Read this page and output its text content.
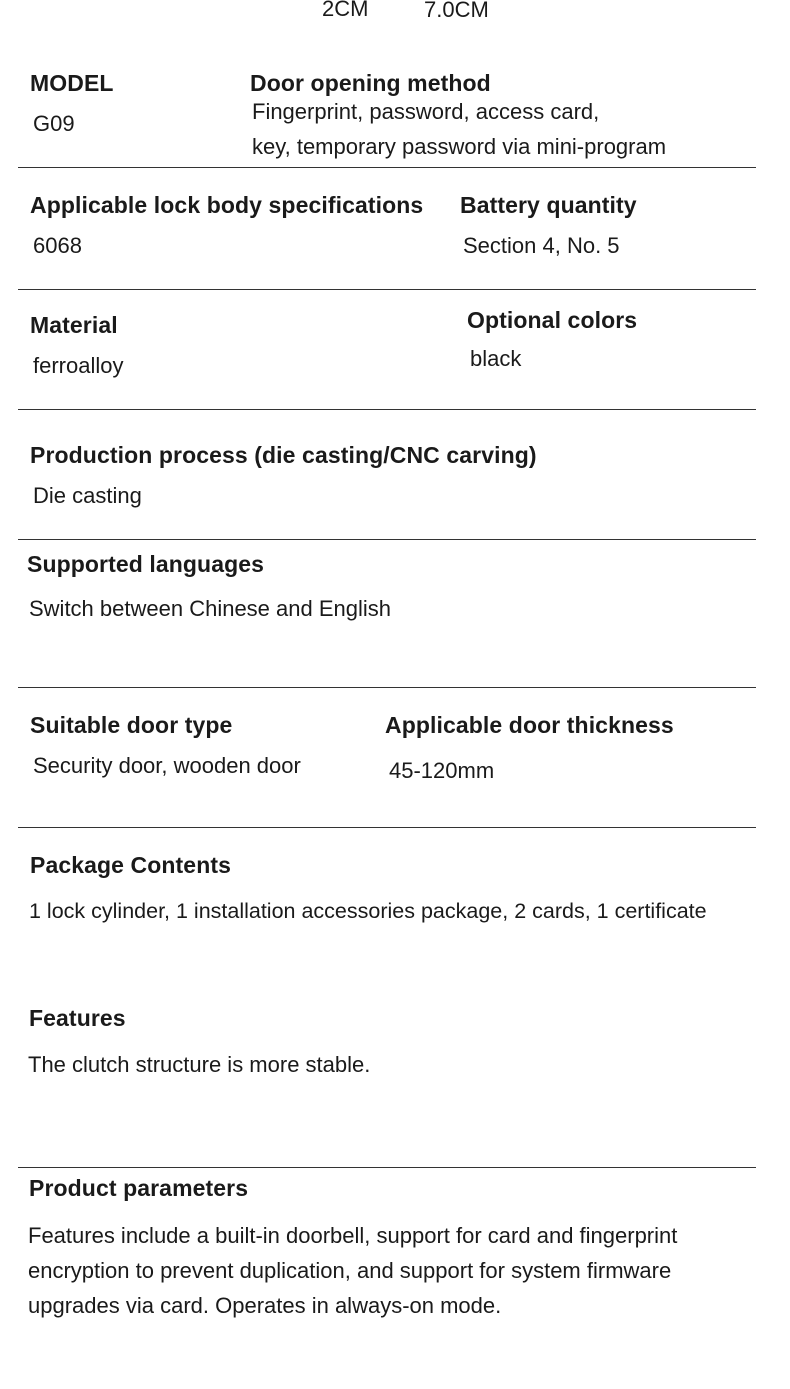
2CM	7.0CM
MODEL
G09
Door opening method
Fingerprint, password, access card,
key, temporary password via mini-program
Applicable lock body specifications
6068
Battery quantity
Section 4, No. 5
Material
ferroalloy
Optional colors
black
Production process (die casting/CNC carving)
Die casting
Supported languages
Switch between Chinese and English
Suitable door type
Security door, wooden door
Applicable door thickness
45-120mm
Package Contents
1 lock cylinder, 1 installation accessories package, 2 cards, 1 certificate
Features
The clutch structure is more stable.
Product parameters
Features include a built-in doorbell, support for card and fingerprint encryption to prevent duplication, and support for system firmware upgrades via card. Operates in always-on mode.
